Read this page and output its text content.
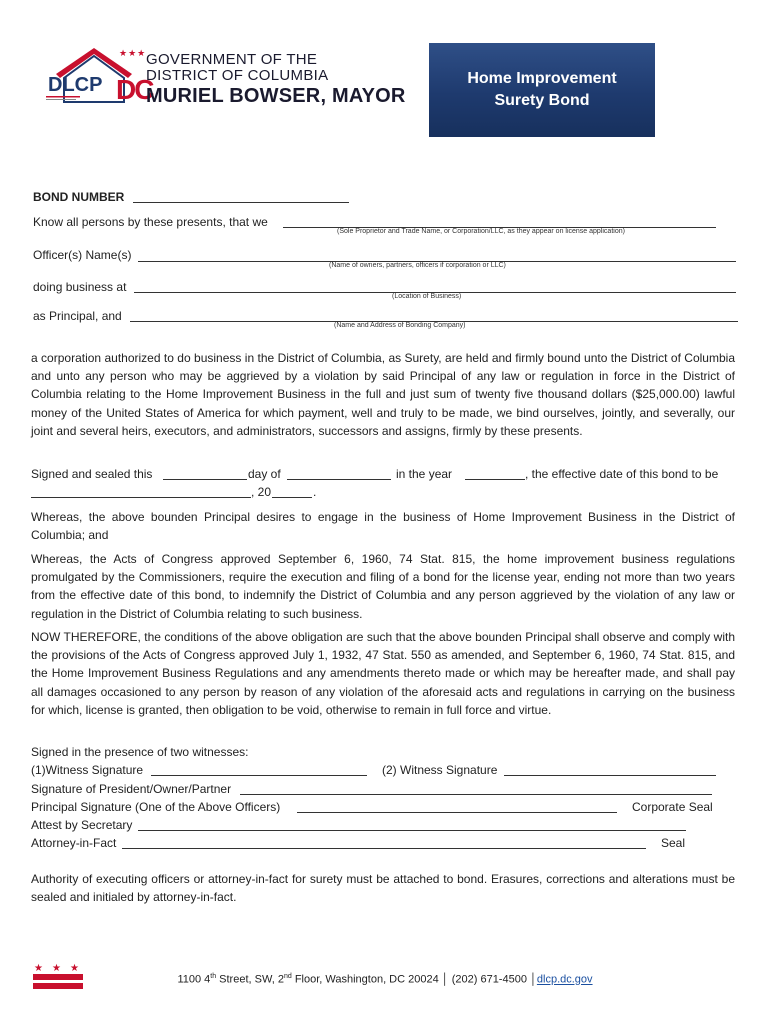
DLCP
★★★
DC
GOVERNMENT OF THE
DISTRICT OF COLUMBIA
MURIEL BOWSER, MAYOR
Home Improvement
Surety Bond
BOND NUMBER
Know all persons by these presents, that we
(Sole Proprietor and Trade Name, or Corporation/LLC, as they appear on license application)
Officer(s) Name(s)
(Name of owners, partners, officers if corporation or LLC)
doing business at
(Location of Business)
as Principal, and
(Name and Address of Bonding Company)
a corporation authorized to do business in the District of Columbia, as Surety, are held and firmly bound unto the District of Columbia and unto any person who may be aggrieved by a violation by said Principal of any law or regulation in force in the District of Columbia relating to the Home Improvement Business in the full and just sum of twenty five thousand dollars ($25,000.00) lawful money of the United States of America for which payment, well and truly to be made, we bind ourselves, jointly, and severally, our joint and several heirs, executors, and administrators, successors and assigns, firmly by these presents.
Signed and sealed this	day of	in the year	, the effective date of this bond to be
, 20	.
Whereas, the above bounden Principal desires to engage in the business of Home Improvement Business in the District of Columbia; and
Whereas, the Acts of Congress approved September 6, 1960, 74 Stat. 815, the home improvement business regulations promulgated by the Commissioners, require the execution and filing of a bond for the license year, ending not more than two years from the effective date of this bond, to indemnify the District of Columbia and any person aggrieved by the violation of any law or regulation in the District of Columbia relating to such business.
NOW THEREFORE, the conditions of the above obligation are such that the above bounden Principal shall observe and comply with the provisions of the Acts of Congress approved July 1, 1932, 47 Stat. 550 as amended, and September 6, 1960, 74 Stat. 815, and the Home Improvement Business Regulations and any amendments thereto made or which may be hereafter made, and shall pay all damages occasioned to any person by reason of any violation of the aforesaid acts and regulations in carrying on the business for which, license is granted, then obligation to be void, otherwise to remain in full force and virtue.
Signed in the presence of two witnesses:
(1)Witness Signature	(2) Witness Signature
Signature of President/Owner/Partner
Principal Signature (One of the Above Officers)	Corporate Seal
Attest by Secretary
Attorney-in-Fact	Seal
Authority of executing officers or attorney-in-fact for surety must be attached to bond. Erasures, corrections and alterations must be sealed and initialed by attorney-in-fact.
★ ★ ★
1100 4th Street, SW, 2nd Floor, Washington, DC 20024 │ (202) 671-4500 │dlcp.dc.gov
